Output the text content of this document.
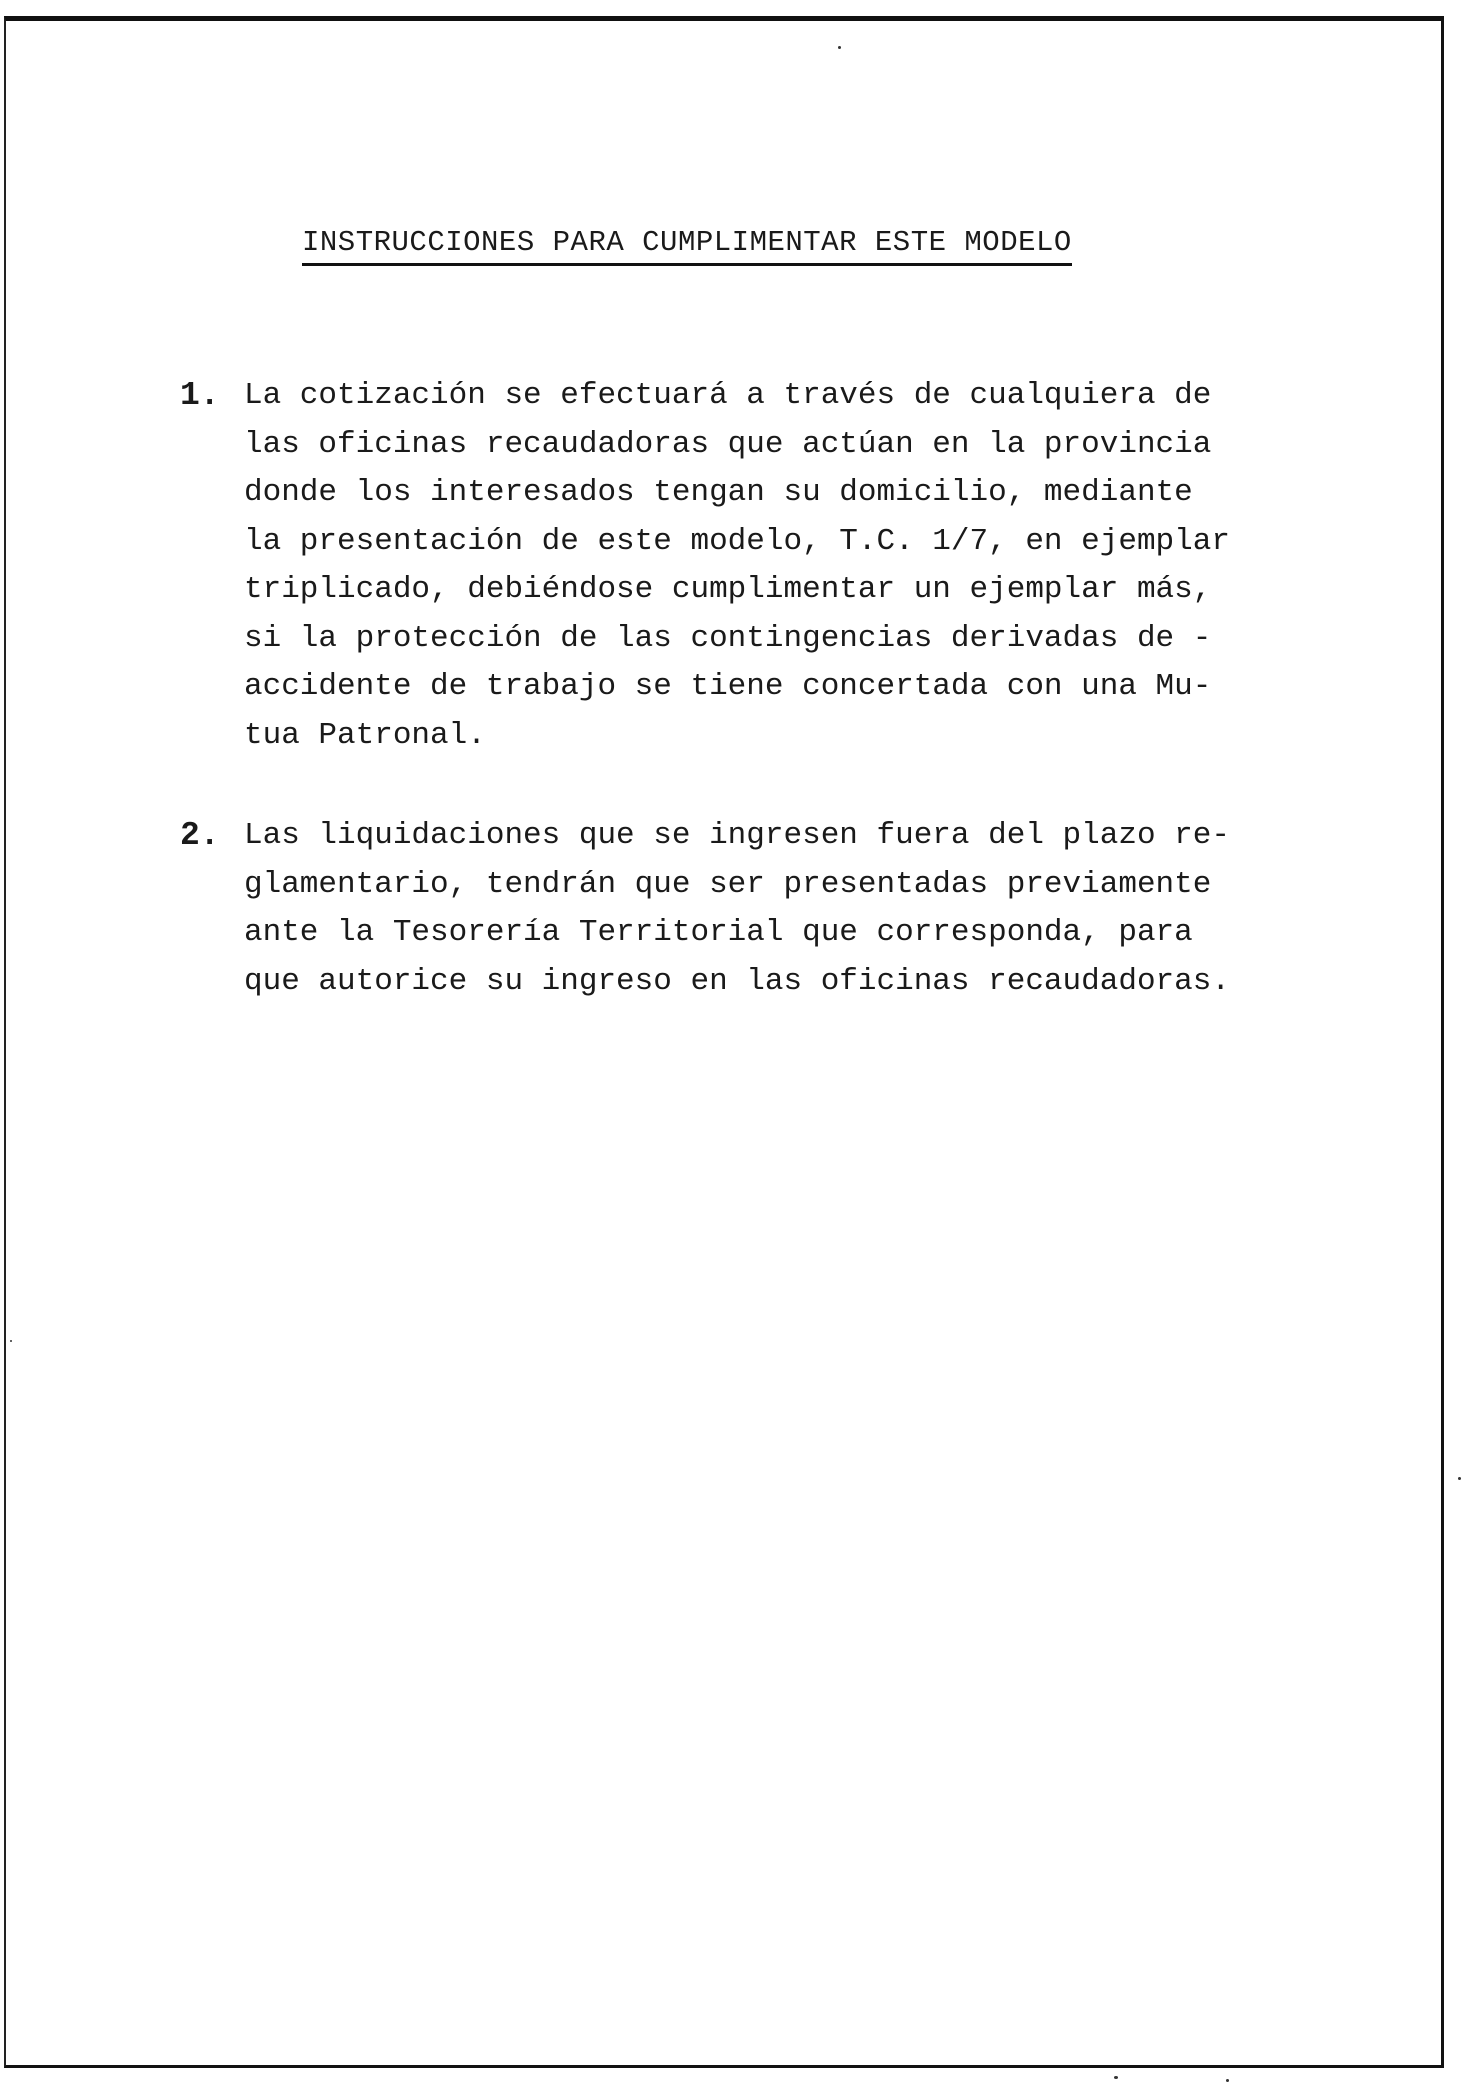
INSTRUCCIONES PARA CUMPLIMENTAR ESTE MODELO
1. La cotización se efectuará a través de cualquiera de
las oficinas recaudadoras que actúan en la provincia
donde los interesados tengan su domicilio, mediante
la presentación de este modelo, T.C. 1/7, en ejemplar
triplicado, debiéndose cumplimentar un ejemplar más,
si la protección de las contingencias derivadas de -
accidente de trabajo se tiene concertada con una Mu-
tua Patronal.
2. Las liquidaciones que se ingresen fuera del plazo re-
glamentario, tendrán que ser presentadas previamente
ante la Tesorería Territorial que corresponda, para
que autorice su ingreso en las oficinas recaudadoras.
